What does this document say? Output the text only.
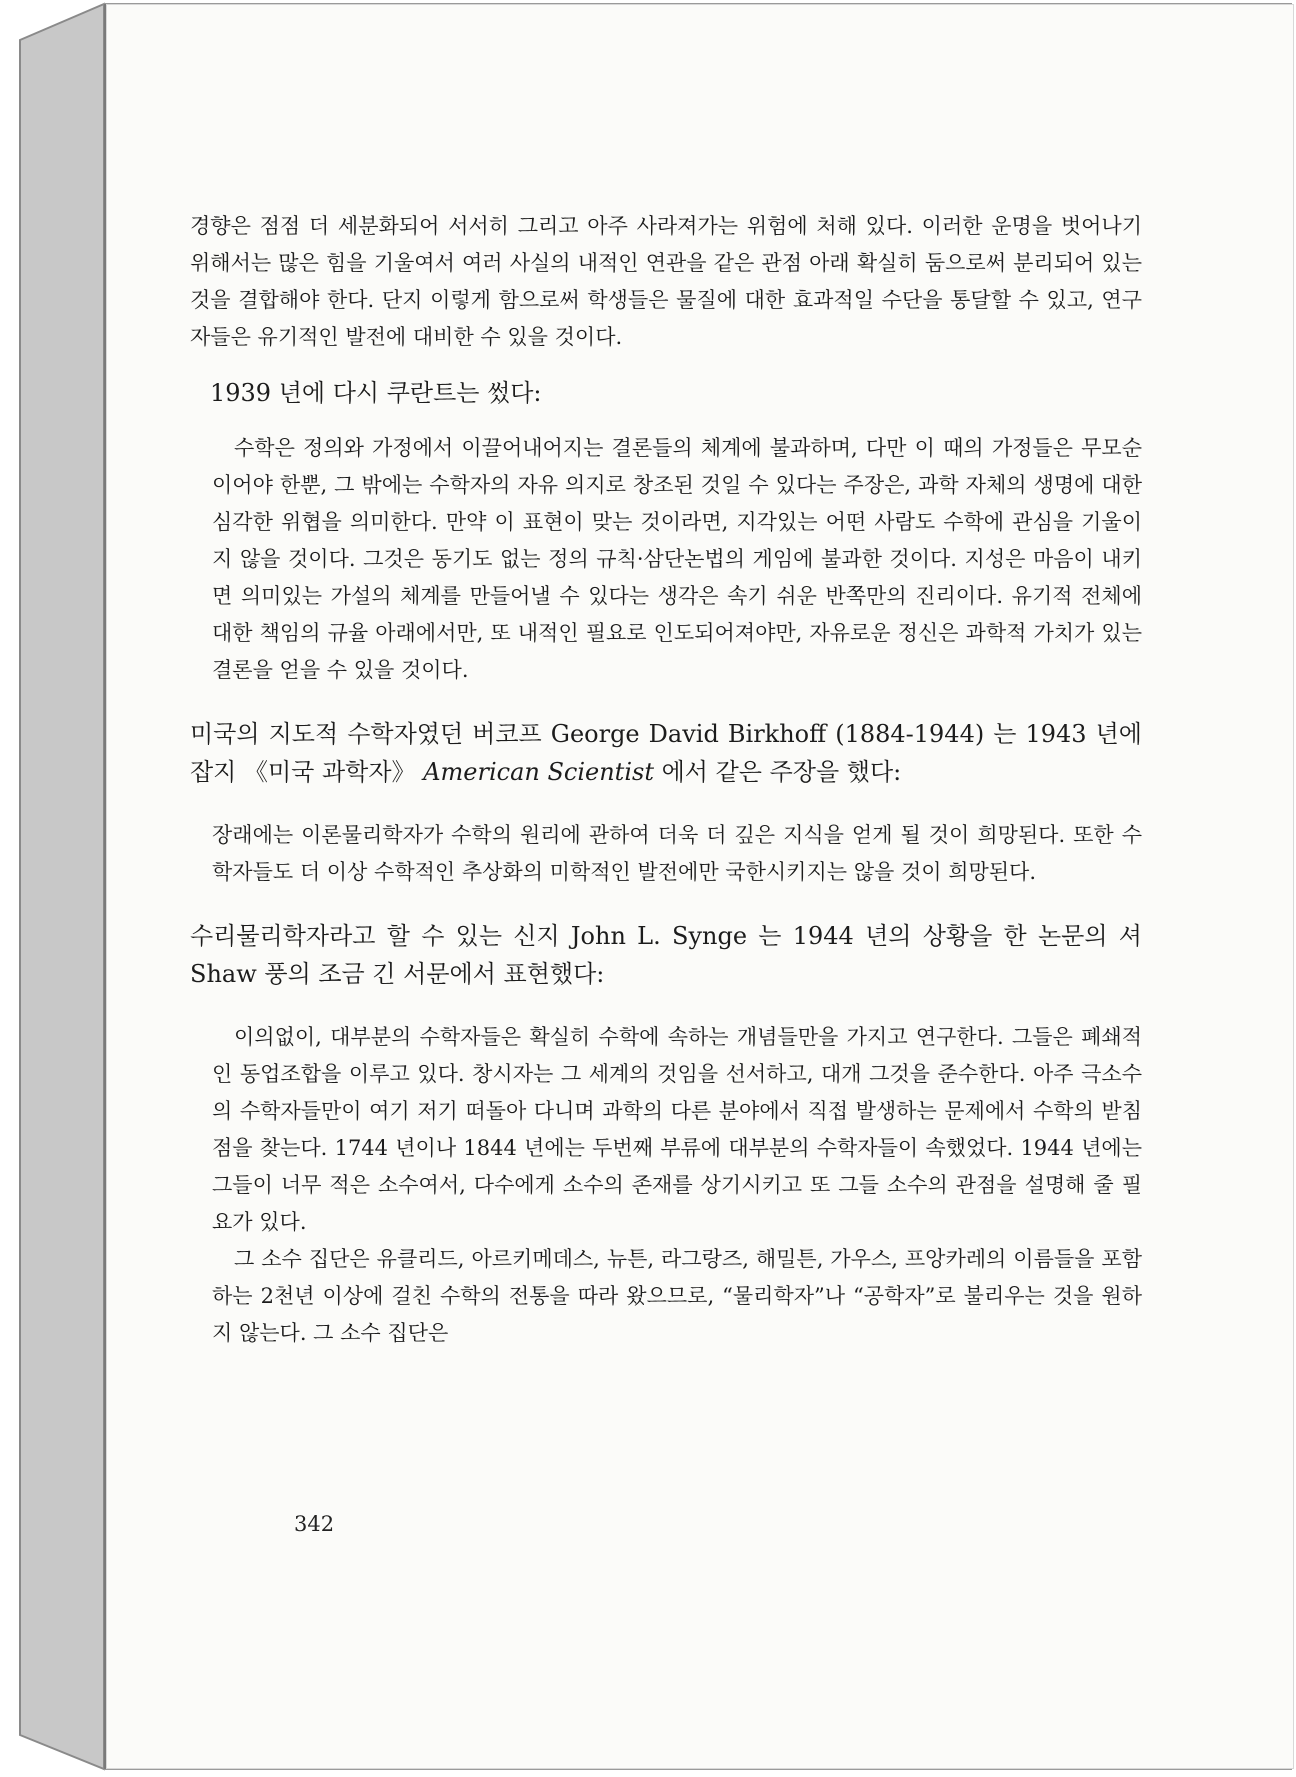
경향은 점점 더 세분화되어 서서히 그리고 아주 사라져가는 위험에 처해 있다. 이러한 운명을 벗어나기 위해서는 많은 힘을 기울여서 여러 사실의 내적인 연관을 같은 관점 아래 확실히 둠으로써 분리되어 있는 것을 결합해야 한다. 단지 이렇게 함으로써 학생들은 물질에 대한 효과적일 수단을 통달할 수 있고, 연구자들은 유기적인 발전에 대비한 수 있을 것이다.

1939 년에 다시 쿠란트는 썼다:

수학은 정의와 가정에서 이끌어내어지는 결론들의 체계에 불과하며, 다만 이 때의 가정들은 무모순이어야 한뿐, 그 밖에는 수학자의 자유 의지로 창조된 것일 수 있다는 주장은, 과학 자체의 생명에 대한 심각한 위협을 의미한다. 만약 이 표현이 맞는 것이라면, 지각있는 어떤 사람도 수학에 관심을 기울이지 않을 것이다. 그것은 동기도 없는 정의 규칙·삼단논법의 게임에 불과한 것이다. 지성은 마음이 내키면 의미있는 가설의 체계를 만들어낼 수 있다는 생각은 속기 쉬운 반쪽만의 진리이다. 유기적 전체에 대한 책임의 규율 아래에서만, 또 내적인 필요로 인도되어져야만, 자유로운 정신은 과학적 가치가 있는 결론을 얻을 수 있을 것이다.

미국의 지도적 수학자였던 버코프 George David Birkhoff (1884-1944) 는 1943 년에 잡지 《미국 과학자》 American Scientist 에서 같은 주장을 했다:

장래에는 이론물리학자가 수학의 원리에 관하여 더욱 더 깊은 지식을 얻게 될 것이 희망된다. 또한 수학자들도 더 이상 수학적인 추상화의 미학적인 발전에만 국한시키지는 않을 것이 희망된다.

수리물리학자라고 할 수 있는 신지 John L. Synge 는 1944 년의 상황을 한 논문의 셔 Shaw 풍의 조금 긴 서문에서 표현했다:

이의없이, 대부분의 수학자들은 확실히 수학에 속하는 개념들만을 가지고 연구한다. 그들은 폐쇄적인 동업조합을 이루고 있다. 창시자는 그 세계의 것임을 선서하고, 대개 그것을 준수한다. 아주 극소수의 수학자들만이 여기 저기 떠돌아 다니며 과학의 다른 분야에서 직접 발생하는 문제에서 수학의 받침점을 찾는다. 1744 년이나 1844 년에는 두번째 부류에 대부분의 수학자들이 속했었다. 1944 년에는 그들이 너무 적은 소수여서, 다수에게 소수의 존재를 상기시키고 또 그들 소수의 관점을 설명해 줄 필요가 있다.

그 소수 집단은 유클리드, 아르키메데스, 뉴튼, 라그랑즈, 해밀튼, 가우스, 프앙카레의 이름들을 포함하는 2천년 이상에 걸친 수학의 전통을 따라 왔으므로, “물리학자”나 “공학자”로 불리우는 것을 원하지 않는다. 그 소수 집단은

342
